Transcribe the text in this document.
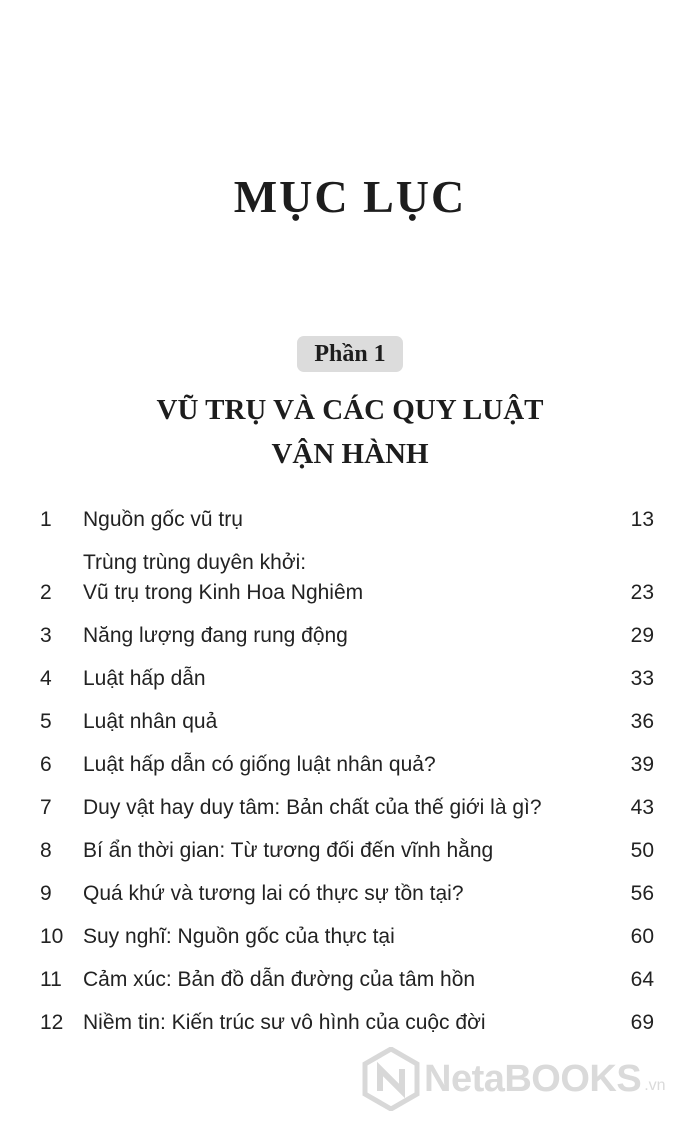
MỤC LỤC
Phần 1
VŨ TRỤ VÀ CÁC QUY LUẬT
VẬN HÀNH
1 Nguồn gốc vũ trụ	13
2
Trùng trùng duyên khởi:
Vũ trụ trong Kinh Hoa Nghiêm	23
3 Năng lượng đang rung động	29
4 Luật hấp dẫn	33
5 Luật nhân quả	36
6 Luật hấp dẫn có giống luật nhân quả?	39
7 Duy vật hay duy tâm: Bản chất của thế giới là gì?	43
8 Bí ẩn thời gian: Từ tương đối đến vĩnh hằng	50
9 Quá khứ và tương lai có thực sự tồn tại?	56
10 Suy nghĩ: Nguồn gốc của thực tại	60
11 Cảm xúc: Bản đồ dẫn đường của tâm hồn	64
12 Niềm tin: Kiến trúc sư vô hình của cuộc đời	69
NetaBOOKS .vn
